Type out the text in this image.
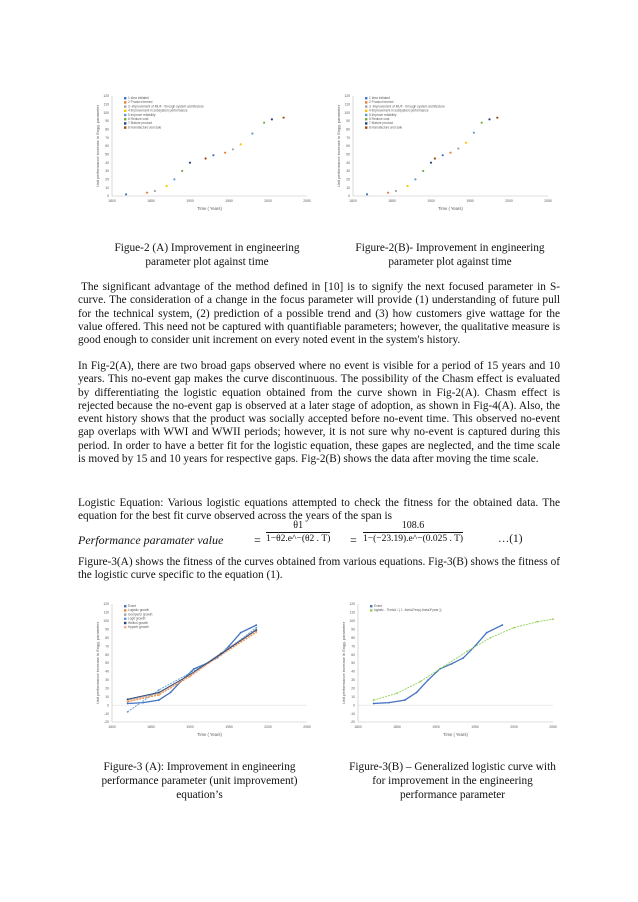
1800	1850	1900	1950	2000	2050
0
10
20
30
40
50
60
70
80
90
100
110
120
Time ( Years)
Unit performance increase in Engg. parameter
1 Idea Initiated
2 Product formed
3 -Improvement of MUF - through system architecture
4 Improvement in subsystem performance
5 Improve reliability
6 Reduce cost
7 Mature product
8 manufacture and sale
Figue-2 (A) Improvement in engineering parameter plot against time
1800	1850	1900	1950	2000	2050
0
10
20
30
40
50
60
70
80
90
100
110
120
Time ( Years)
Unit performance increase in Engg. parameter
1 Idea Initiated
2 Product formed
3 -Improvement of MUF - through system architecture
4 Improvement in subsystem performance
5 Improve reliability
6 Reduce cost
7 Mature product
8 manufacture and sale
Figure-2(B)- Improvement in engineering parameter plot against time

The significant advantage of the method defined in [10] is to signify the next focused parameter in S-curve. The consideration of a change in the focus parameter will provide (1) understanding of future pull for the technical system, (2) prediction of a possible trend and (3) how customers give wattage for the value offered. This need not be captured with quantifiable parameters; however, the qualitative measure is good enough to consider unit increment on every noted event in the system's history.

In Fig-2(A), there are two broad gaps observed where no event is visible for a period of 15 years and 10 years. This no-event gap makes the curve discontinuous. The possibility of the Chasm effect is evaluated by differentiating the logistic equation obtained from the curve shown in Fig-2(A). Chasm effect is rejected because the no-event gap is observed at a later stage of adoption, as shown in Fig-4(A). Also, the event history shows that the product was socially accepted before no-event time. This observed no-event gap overlaps with WWI and WWII periods; however, it is not sure why no-event is captured during this period. In order to have a better fit for the logistic equation, these gapes are neglected, and the time scale is moved by 15 and 10 years for respective gaps. Fig-2(B) shows the data after moving the time scale.

Logistic Equation: Various logistic equations attempted to check the fitness for the obtained data. The equation for the best fit curve observed across the years of the span is

Performance paramater value	= $\frac{\theta 1}{1-\theta 2.e\^{}-(\theta 2 . T)} = \frac{108.6}{1-(-23.19).e\^{}-(0.025 . T)}$	…(1)

Figure-3(A) shows the fitness of the curves obtained from various equations. Fig-3(B) shows the fitness of the logistic curve specific to the equation (1).

1800	1850	1900	1950	2000	2050
-20
-10
0
10
20
30
40
50
60
70
80
90
100
110
120
Time ( Years)
Unit performance increase in Engg. parameter
Event
Logistic growth
Gompertz growth
Logit growth
Weibul growth
Hyperb growth
Figure-3 (A): Improvement in engineering performance parameter (unit improvement) equation’s
1800	1850	1900	1950	2000	2050
-20
-10
0
10
20
30
40
50
60
70
80
90
100
110
120
Time ( Years)
Unit performance increase in Engg. parameter
Event
logistic - Theta1 / ( 1 -theta2*exp(-theta3*year ))
Figure-3(B) – Generalized logistic curve with for improvement in the engineering performance parameter
